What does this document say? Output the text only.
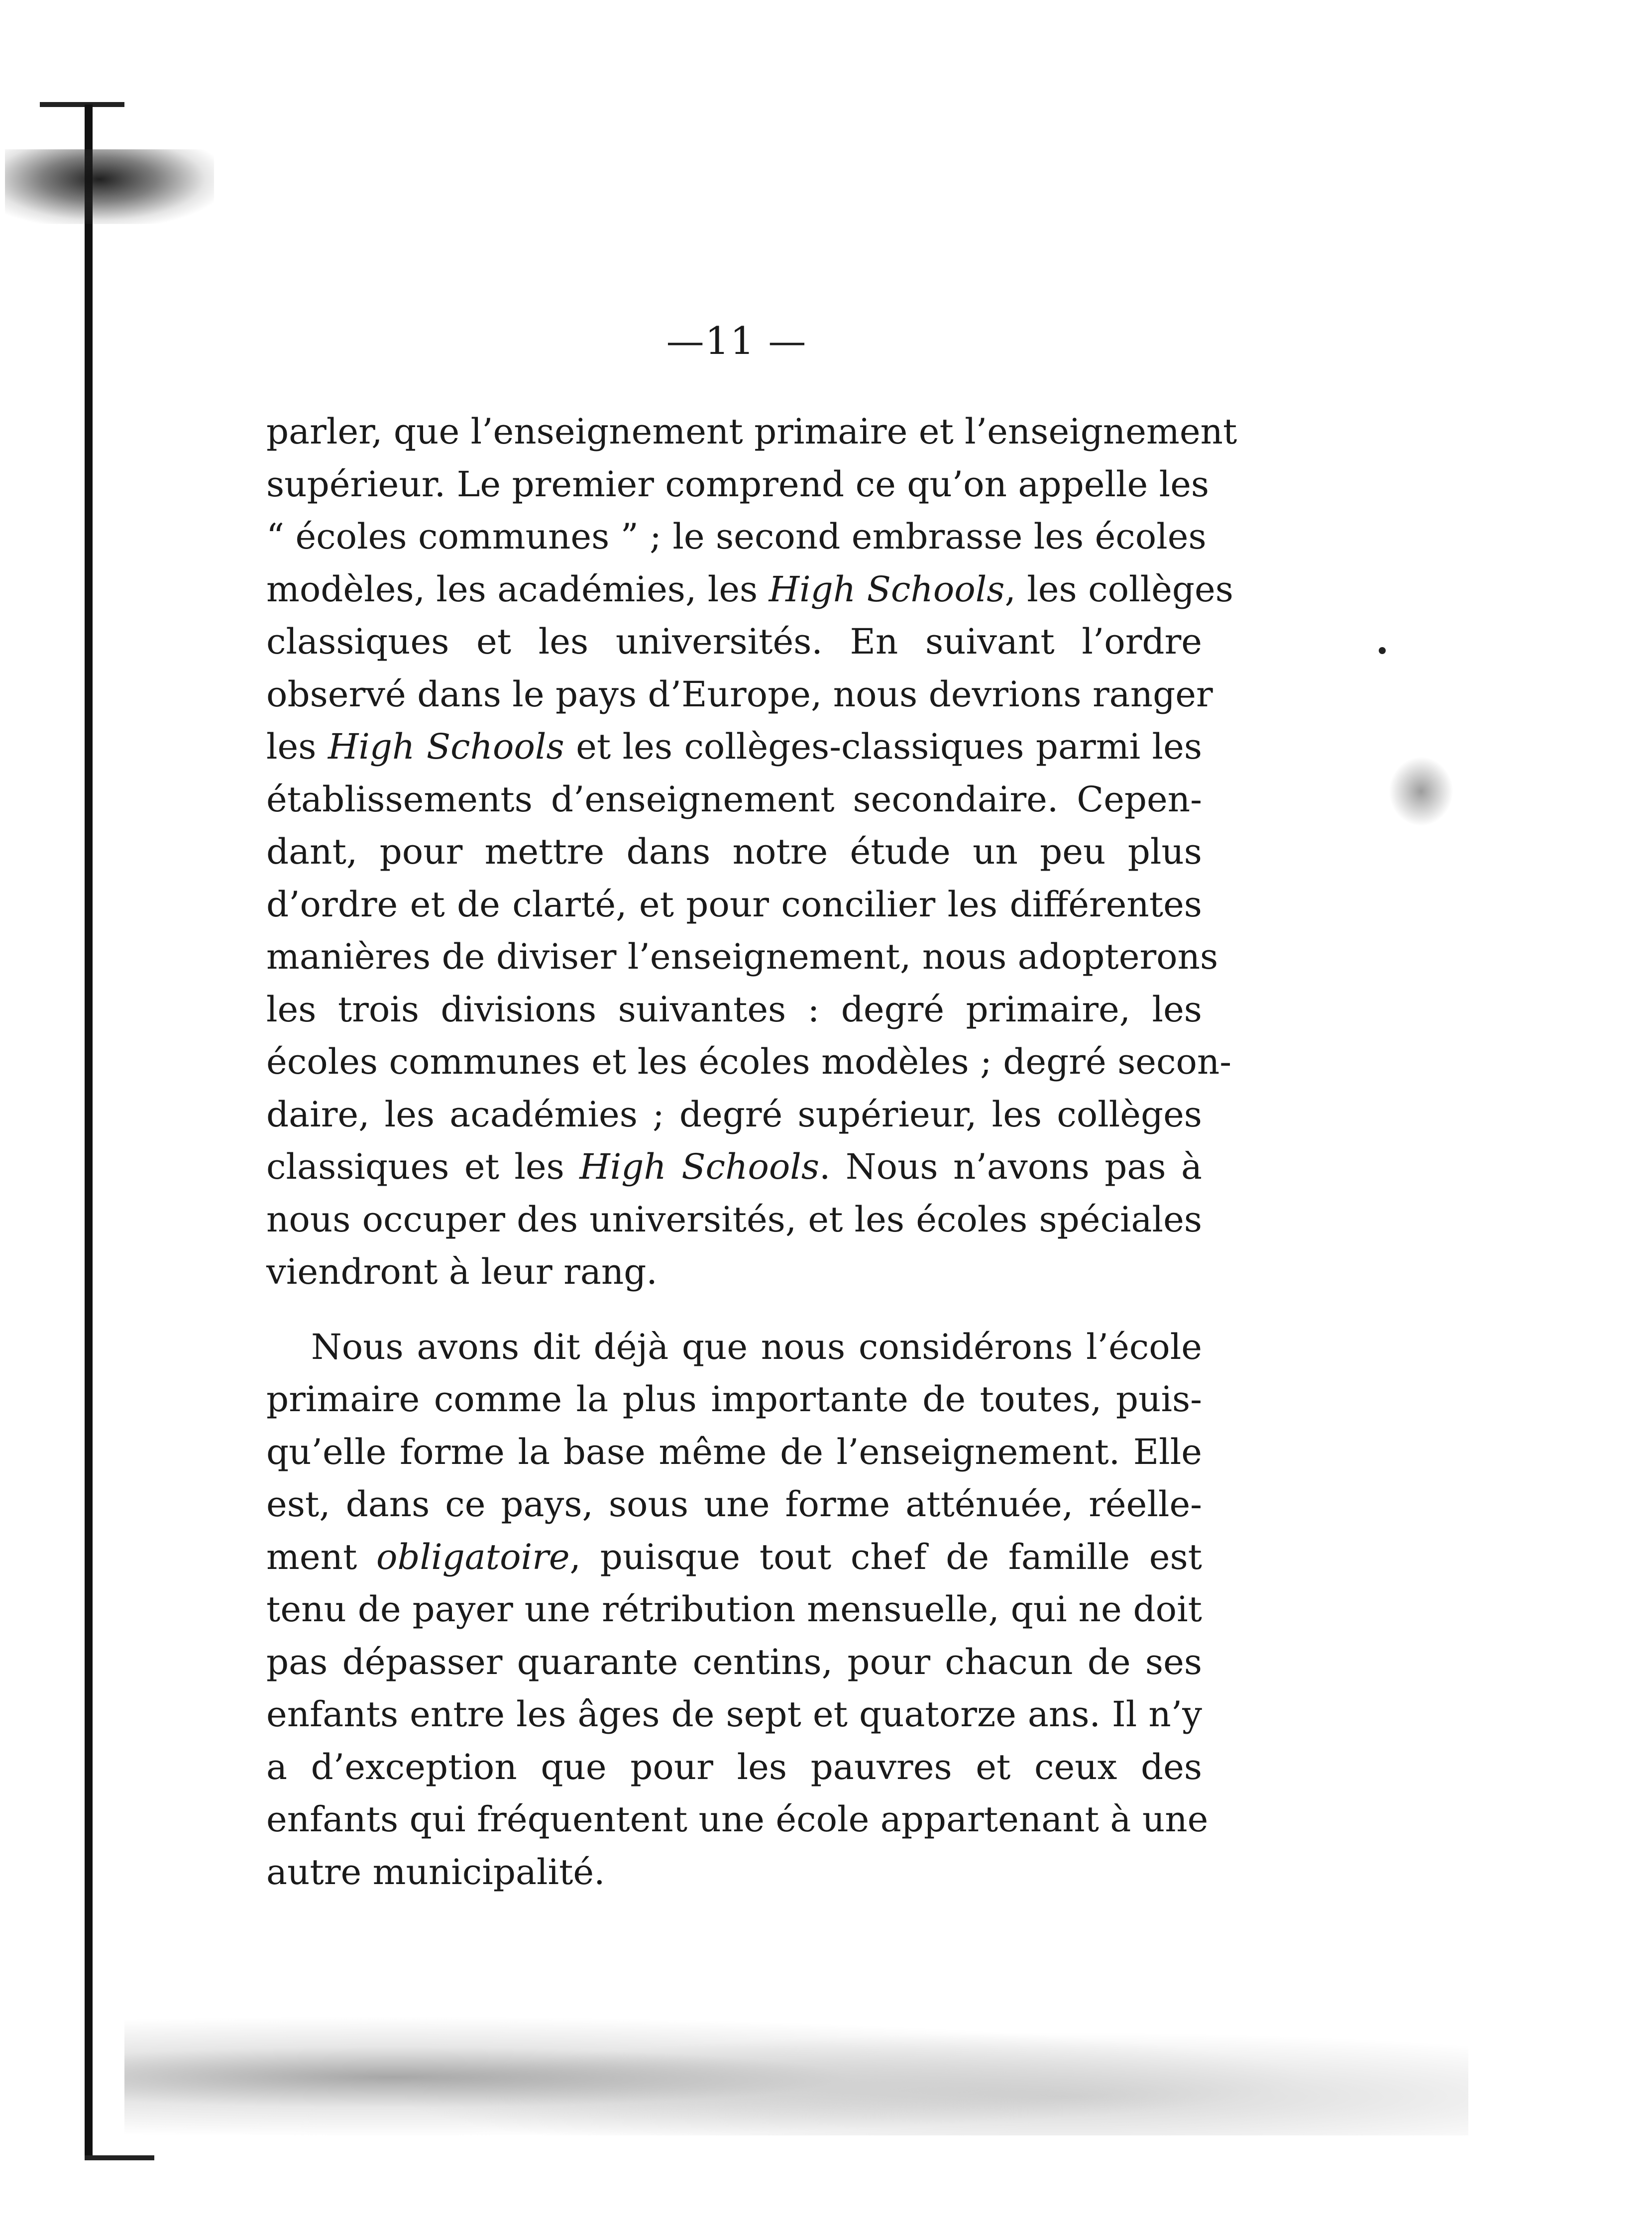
—11 —
parler, que l’enseignement primaire et l’enseignement
supérieur. Le premier comprend ce qu’on appelle les
“ écoles communes ” ; le second embrasse les écoles
modèles, les académies, les High Schools, les collèges
classiques et les universités. En suivant l’ordre
observé dans le pays d’Europe, nous devrions ranger
les High Schools et les collèges-classiques parmi les
établissements d’enseignement secondaire. Cepen-
dant, pour mettre dans notre étude un peu plus
d’ordre et de clarté, et pour concilier les différentes
manières de diviser l’enseignement, nous adopterons
les trois divisions suivantes : degré primaire, les
écoles communes et les écoles modèles ; degré secon-
daire, les académies ; degré supérieur, les collèges
classiques et les High Schools. Nous n’avons pas à
nous occuper des universités, et les écoles spéciales
viendront à leur rang.
Nous avons dit déjà que nous considérons l’école
primaire comme la plus importante de toutes, puis-
qu’elle forme la base même de l’enseignement. Elle
est, dans ce pays, sous une forme atténuée, réelle-
ment obligatoire, puisque tout chef de famille est
tenu de payer une rétribution mensuelle, qui ne doit
pas dépasser quarante centins, pour chacun de ses
enfants entre les âges de sept et quatorze ans. Il n’y
a d’exception que pour les pauvres et ceux des
enfants qui fréquentent une école appartenant à une
autre municipalité.
